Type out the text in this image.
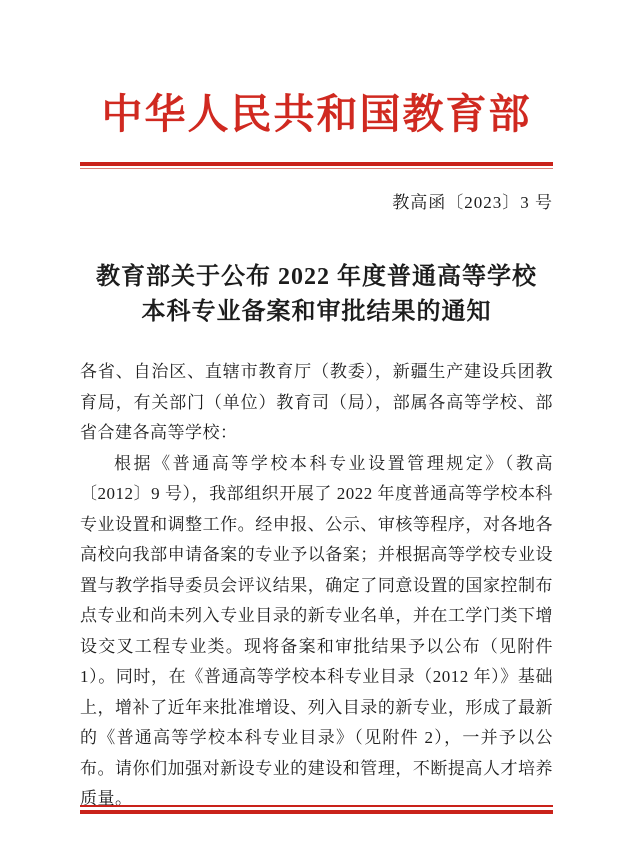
中华人民共和国教育部
教高函〔2023〕3 号
教育部关于公布 2022 年度普通高等学校
本科专业备案和审批结果的通知

各省、自治区、直辖市教育厅（教委），新疆生产建设兵团教育局，有关部门（单位）教育司（局），部属各高等学校、部省合建各高等学校：

根据《普通高等学校本科专业设置管理规定》（教高〔2012〕9 号），我部组织开展了 2022 年度普通高等学校本科专业设置和调整工作。经申报、公示、审核等程序，对各地各高校向我部申请备案的专业予以备案；并根据高等学校专业设置与教学指导委员会评议结果，确定了同意设置的国家控制布点专业和尚未列入专业目录的新专业名单，并在工学门类下增设交叉工程专业类。现将备案和审批结果予以公布（见附件 1）。同时，在《普通高等学校本科专业目录（2012 年）》基础上，增补了近年来批准增设、列入目录的新专业，形成了最新的《普通高等学校本科专业目录》（见附件 2），一并予以公布。请你们加强对新设专业的建设和管理，不断提高人才培养质量。
